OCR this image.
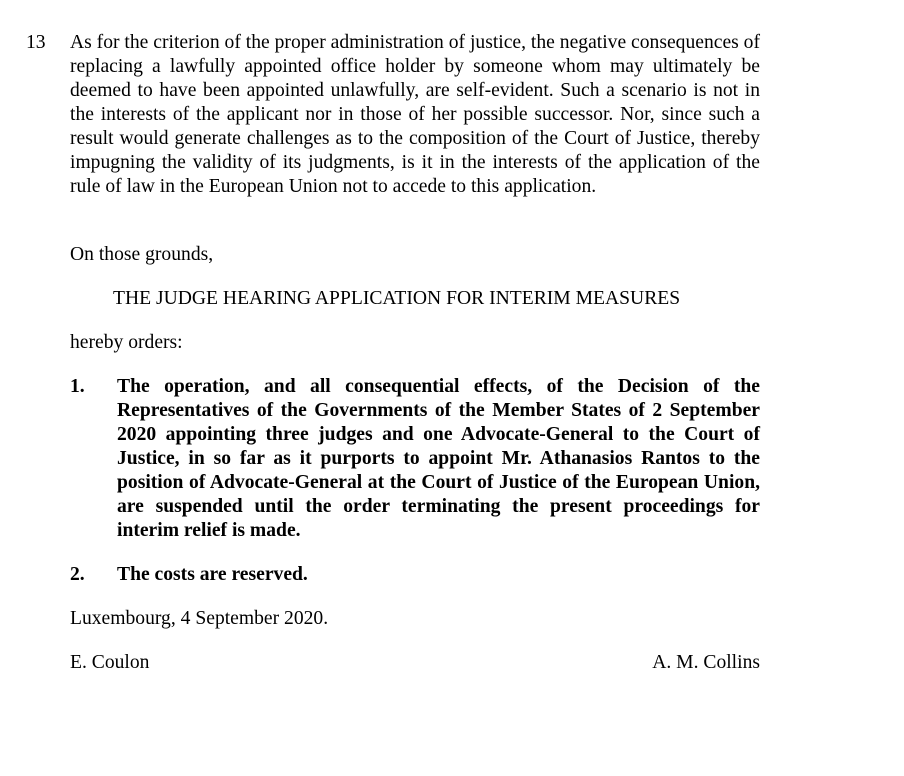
13 As for the criterion of the proper administration of justice, the negative consequences of replacing a lawfully appointed office holder by someone whom may ultimately be deemed to have been appointed unlawfully, are self-evident. Such a scenario is not in the interests of the applicant nor in those of her possible successor. Nor, since such a result would generate challenges as to the composition of the Court of Justice, thereby impugning the validity of its judgments, is it in the interests of the application of the rule of law in the European Union not to accede to this application.
On those grounds,
THE JUDGE HEARING APPLICATION FOR INTERIM MEASURES
hereby orders:
1. The operation, and all consequential effects, of the Decision of the Representatives of the Governments of the Member States of 2 September 2020 appointing three judges and one Advocate-General to the Court of Justice, in so far as it purports to appoint Mr. Athanasios Rantos to the position of Advocate-General at the Court of Justice of the European Union, are suspended until the order terminating the present proceedings for interim relief is made.
2. The costs are reserved.
Luxembourg, 4 September 2020.
E. Coulon	A. M. Collins
